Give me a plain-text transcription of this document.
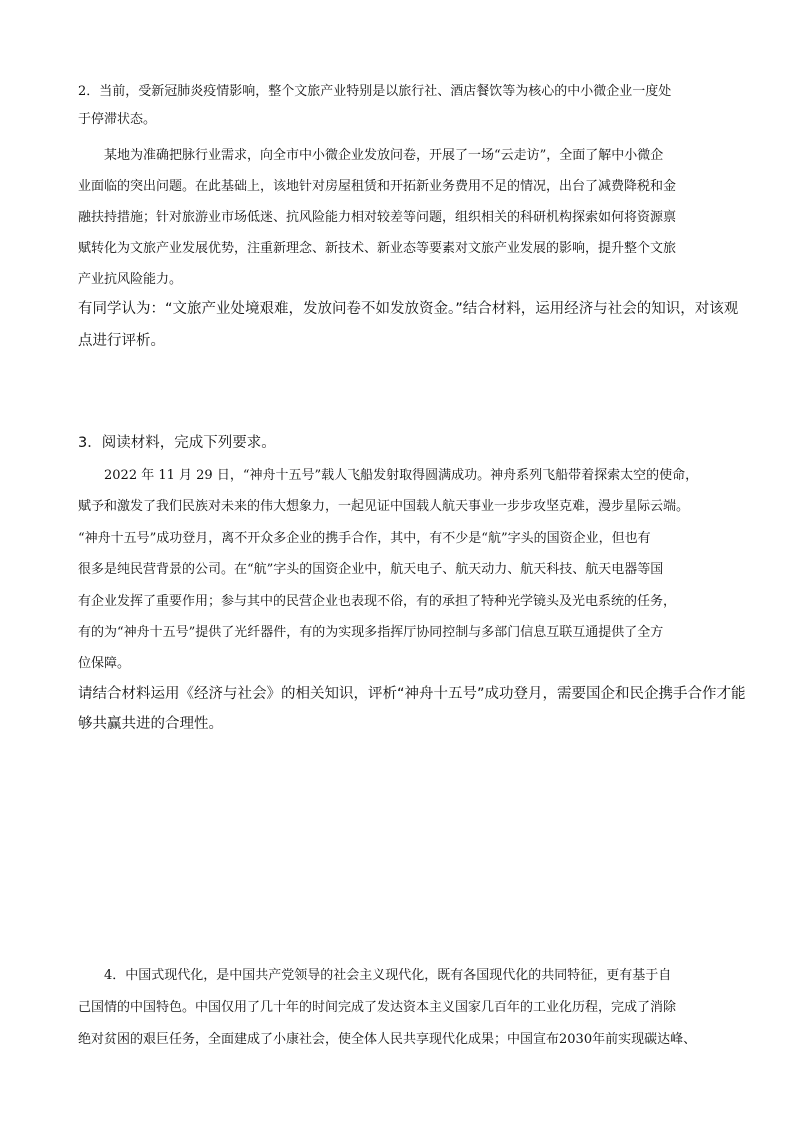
2．当前，受新冠肺炎疫情影响，整个文旅产业特别是以旅行社、酒店餐饮等为核心的中小微企业一度处
于停滞状态。
某地为准确把脉行业需求，向全市中小微企业发放问卷，开展了一场“云走访”，全面了解中小微企
业面临的突出问题。在此基础上，该地针对房屋租赁和开拓新业务费用不足的情况，出台了减费降税和金
融扶持措施；针对旅游业市场低迷、抗风险能力相对较差等问题，组织相关的科研机构探索如何将资源禀
赋转化为文旅产业发展优势，注重新理念、新技术、新业态等要素对文旅产业发展的影响，提升整个文旅
产业抗风险能力。
有同学认为：“文旅产业处境艰难，发放问卷不如发放资金。”结合材料，运用经济与社会的知识，对该观
点进行评析。
3．阅读材料，完成下列要求。
2022 年 11 月 29 日，“神舟十五号”载人飞船发射取得圆满成功。神舟系列飞船带着探索太空的使命，
赋予和激发了我们民族对未来的伟大想象力，一起见证中国载人航天事业一步步攻坚克难，漫步星际云端。
“神舟十五号”成功登月，离不开众多企业的携手合作，其中，有不少是“航”字头的国资企业，但也有
很多是纯民营背景的公司。在“航”字头的国资企业中，航天电子、航天动力、航天科技、航天电器等国
有企业发挥了重要作用；参与其中的民营企业也表现不俗，有的承担了特种光学镜头及光电系统的任务，
有的为“神舟十五号”提供了光纤器件，有的为实现多指挥厅协同控制与多部门信息互联互通提供了全方
位保障。
请结合材料运用《经济与社会》的相关知识，评析“神舟十五号”成功登月，需要国企和民企携手合作才能
够共赢共进的合理性。
4．中国式现代化，是中国共产党领导的社会主义现代化，既有各国现代化的共同特征，更有基于自
己国情的中国特色。中国仅用了几十年的时间完成了发达资本主义国家几百年的工业化历程，完成了消除
绝对贫困的艰巨任务，全面建成了小康社会，使全体人民共享现代化成果；中国宣布2030年前实现碳达峰、
